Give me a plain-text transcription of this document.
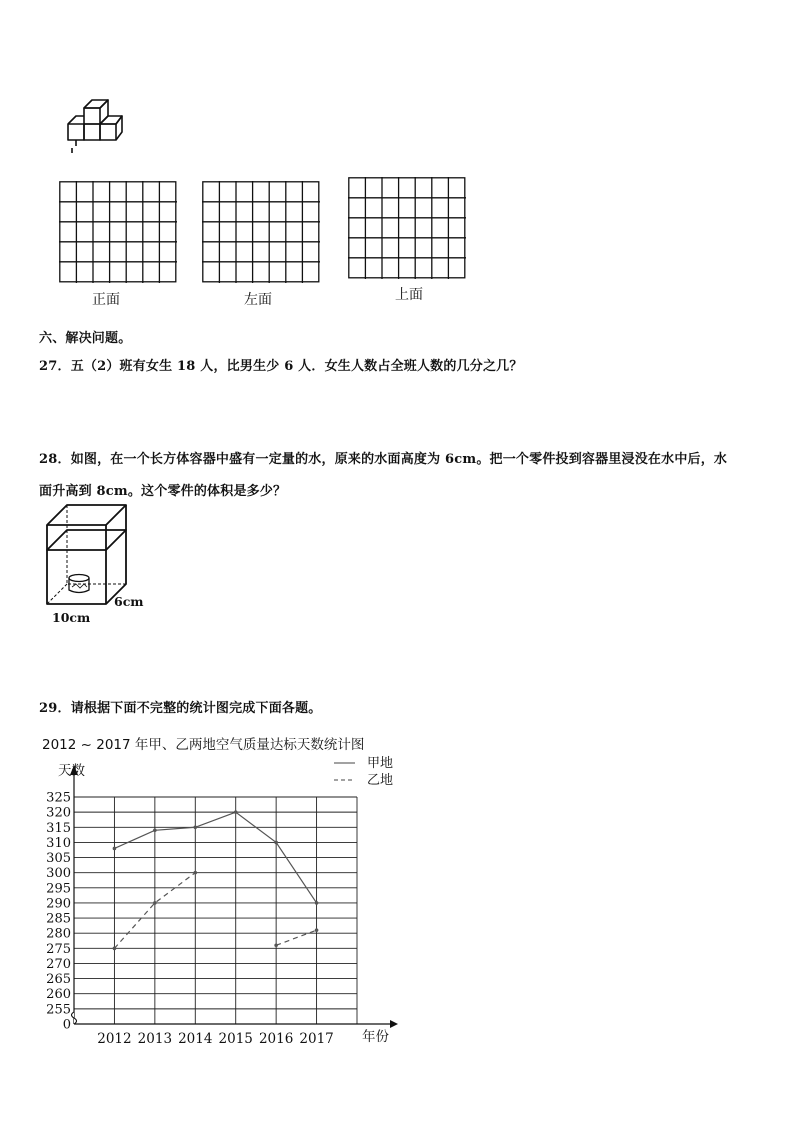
正面	左面	上面
六、解决问题。
27．五（2）班有女生 18 人，比男生少 6 人．女生人数占全班人数的几分之几？
28．如图，在一个长方体容器中盛有一定量的水，原来的水面高度为 6cm。把一个零件投到容器里浸没在水中后，水
面升高到 8cm。这个零件的体积是多少？
6cm
10cm
29．请根据下面不完整的统计图完成下面各题。
2012 ~ 2017 年甲、乙两地空气质量达标天数统计图
325
320
315
310
305
300
295
290
285
280
275
270
265
260
255
0
2012 2013 2014 2015 2016 2017
天数
年份
甲地
乙地
